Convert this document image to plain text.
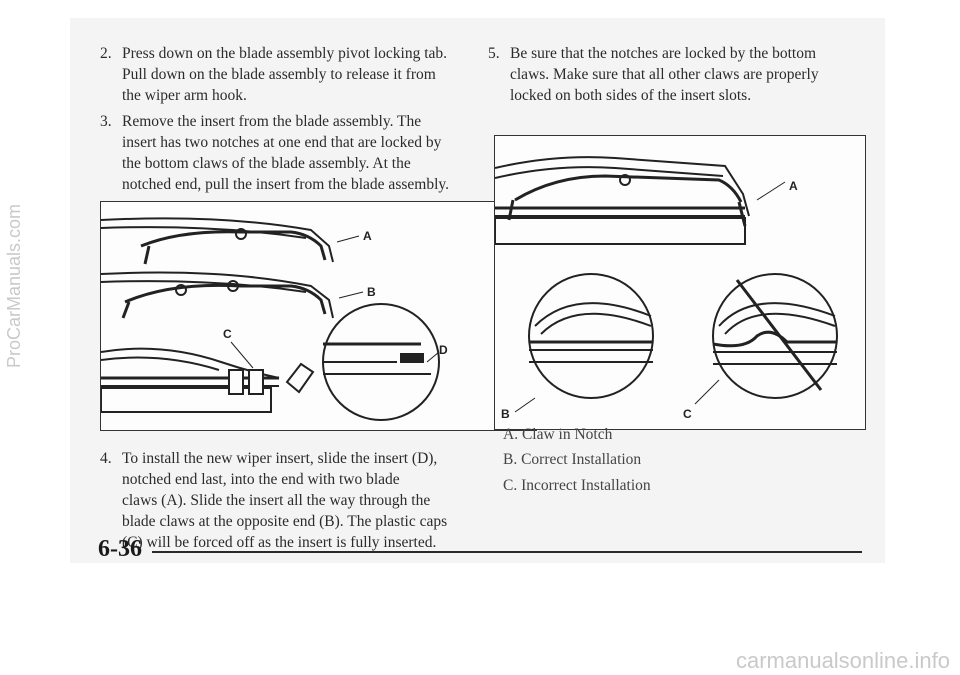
2. Press down on the blade assembly pivot locking tab.
Pull down on the blade assembly to release it from
the wiper arm hook.
3. Remove the insert from the blade assembly. The
insert has two notches at one end that are locked by
the bottom claws of the blade assembly. At the
notched end, pull the insert from the blade assembly.
A
B
C
D
4. To install the new wiper insert, slide the insert (D),
notched end last, into the end with two blade
claws (A). Slide the insert all the way through the
blade claws at the opposite end (B). The plastic caps
(C) will be forced off as the insert is fully inserted.
5. Be sure that the notches are locked by the bottom
claws. Make sure that all other claws are properly
locked on both sides of the insert slots.
A
B	C
A. Claw in Notch
B. Correct Installation
C. Incorrect Installation
6-36
ProCarManuals.com
carmanualsonline.info
